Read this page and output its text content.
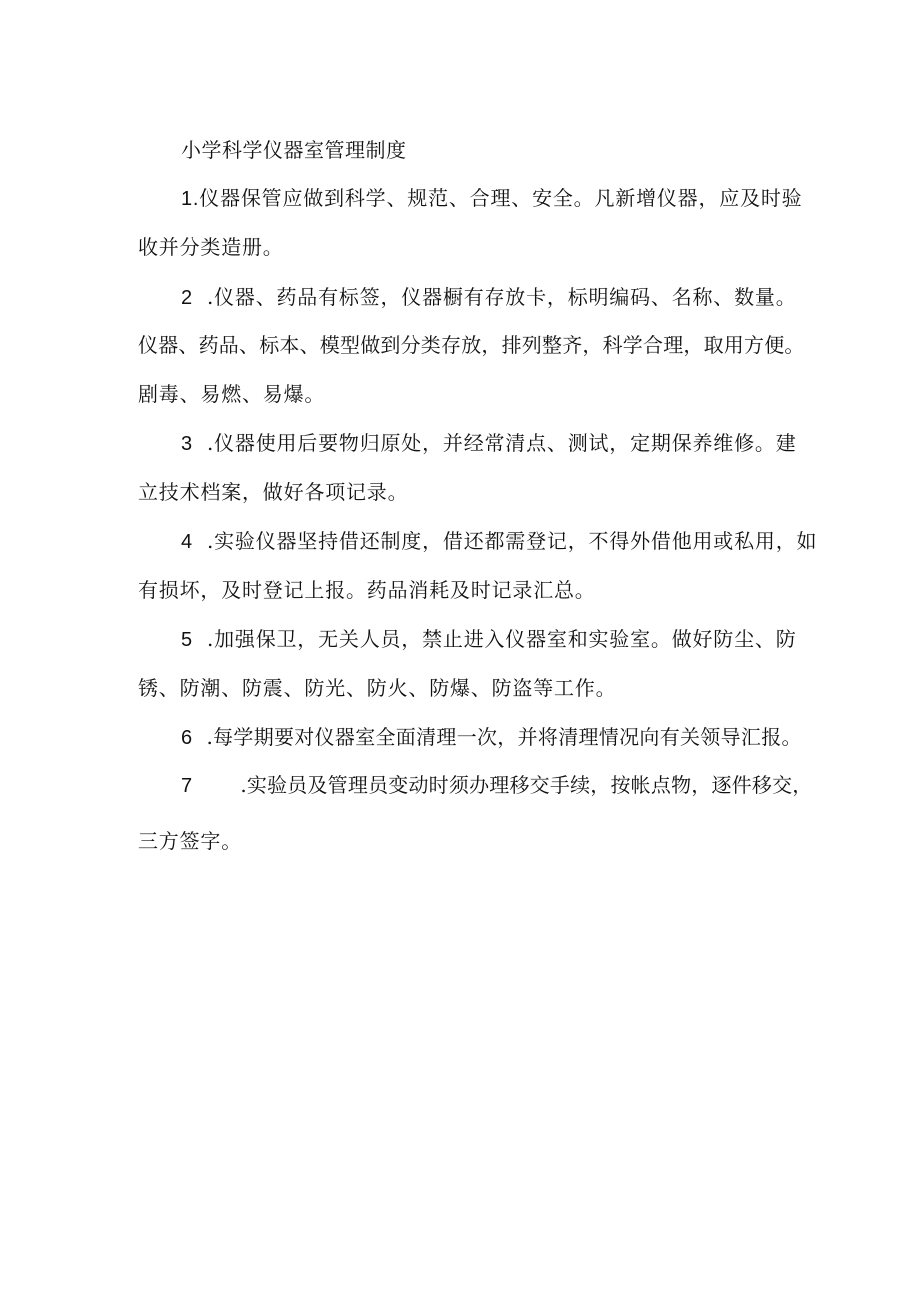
小学科学仪器室管理制度
1.仪器保管应做到科学、规范、合理、安全。凡新增仪器，应及时验
收并分类造册。
2 .仪器、药品有标签，仪器橱有存放卡，标明编码、名称、数量。
仪器、药品、标本、模型做到分类存放，排列整齐，科学合理，取用方便。
剧毒、易燃、易爆。
3 .仪器使用后要物归原处，并经常清点、测试，定期保养维修。建
立技术档案，做好各项记录。
4 .实验仪器坚持借还制度，借还都需登记，不得外借他用或私用，如
有损坏，及时登记上报。药品消耗及时记录汇总。
5 .加强保卫，无关人员，禁止进入仪器室和实验室。做好防尘、防
锈、防潮、防震、防光、防火、防爆、防盗等工作。
6 .每学期要对仪器室全面清理一次，并将清理情况向有关领导汇报。
7 .实验员及管理员变动时须办理移交手续，按帐点物，逐件移交，
三方签字。
